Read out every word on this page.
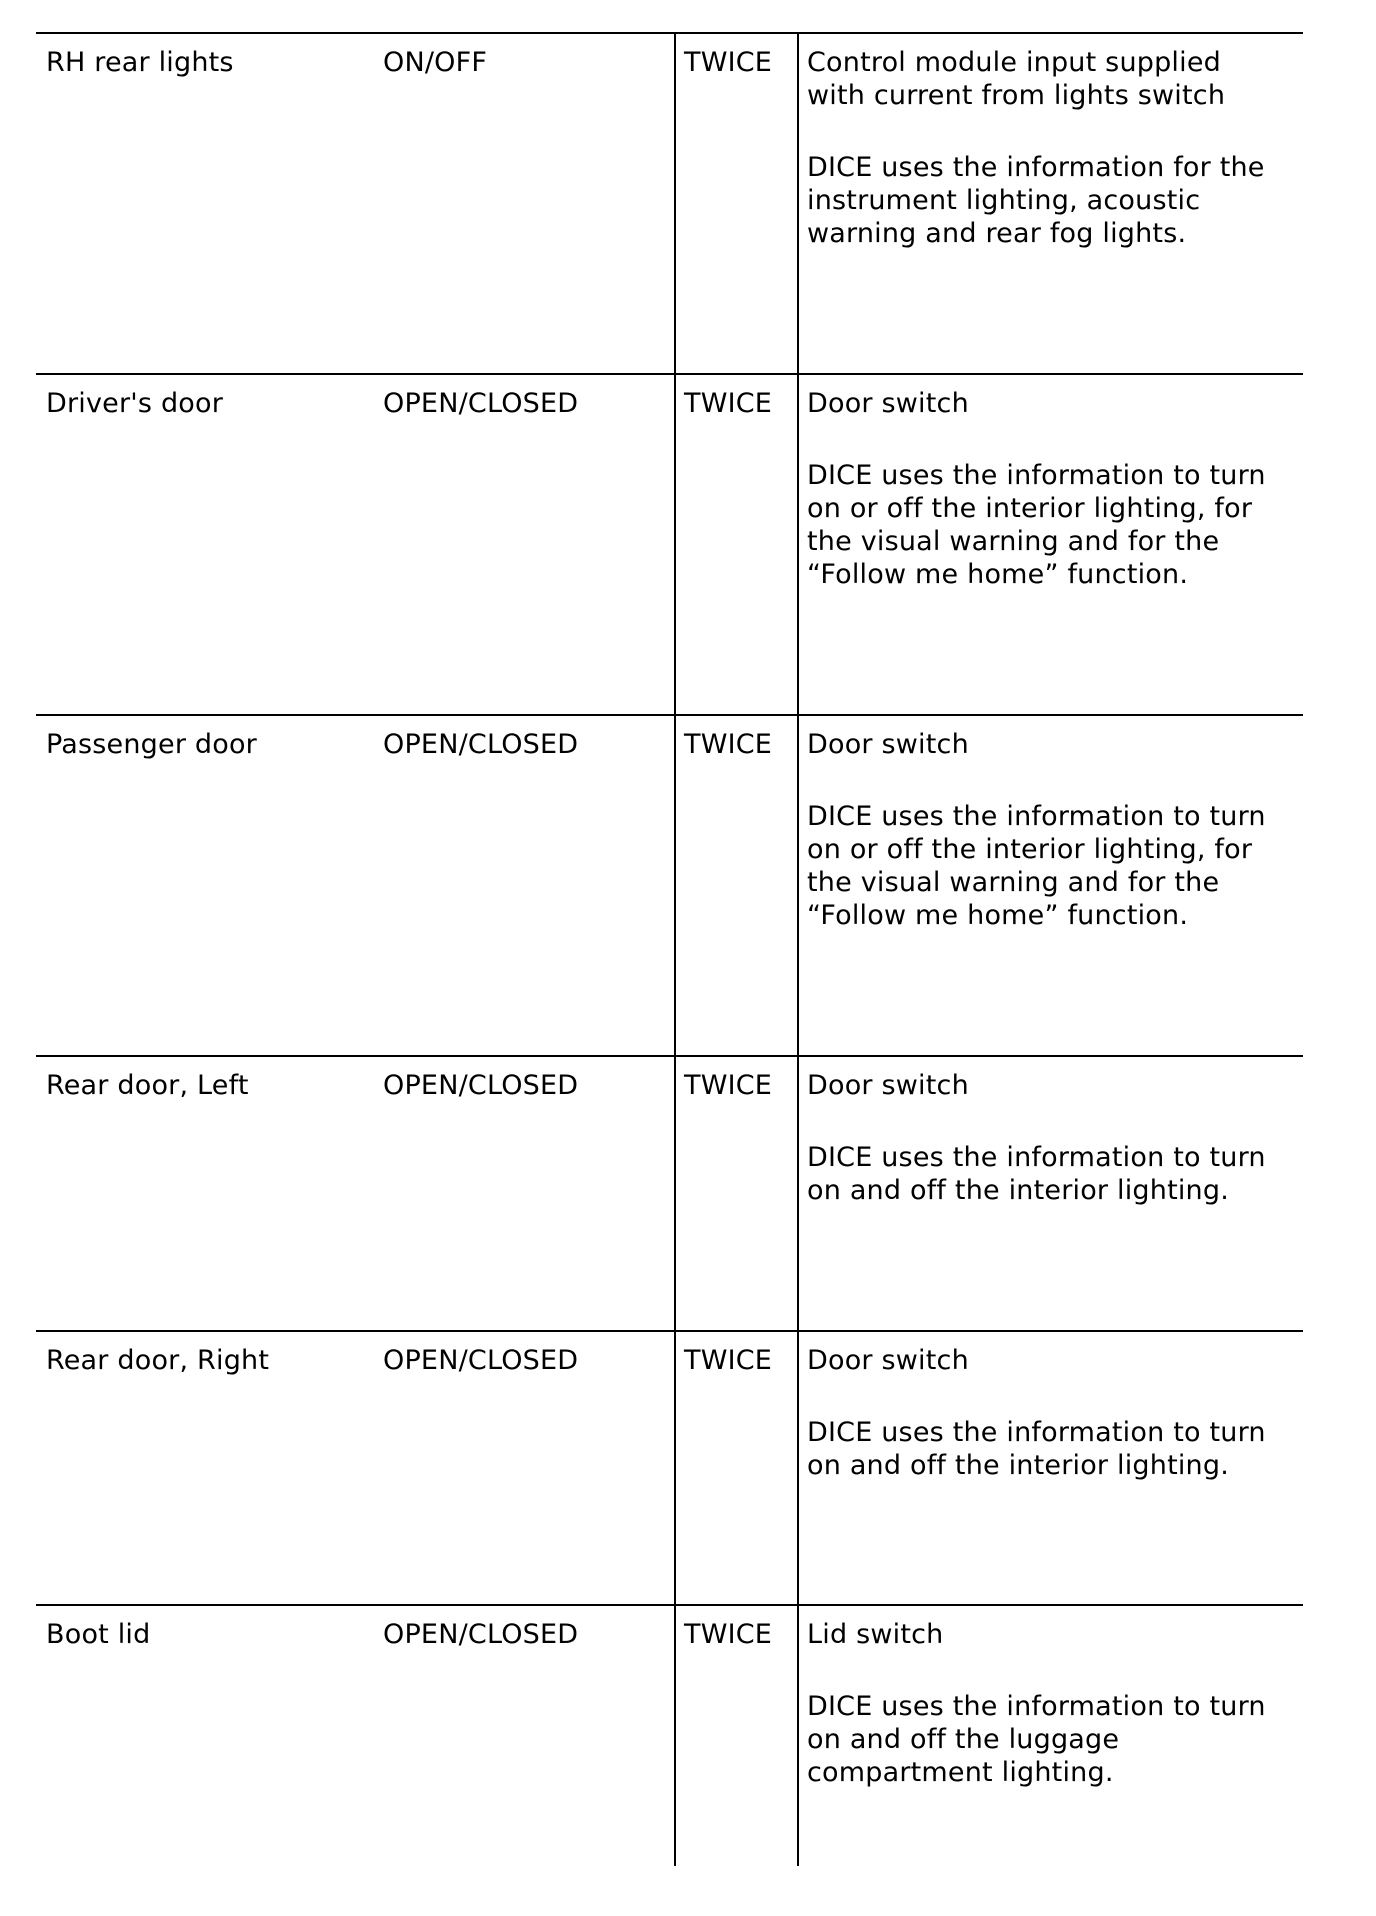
RH rear lights	ON/OFF	TWICE Control module input supplied
with current from lights switch
DICE uses the information for the
instrument lighting, acoustic
warning and rear fog lights.
Driver's door	OPEN/CLOSED	TWICE Door switch
DICE uses the information to turn
on or off the interior lighting, for
the visual warning and for the
“Follow me home” function.
Passenger door	OPEN/CLOSED	TWICE Door switch
DICE uses the information to turn
on or off the interior lighting, for
the visual warning and for the
“Follow me home” function.
Rear door, Left	OPEN/CLOSED	TWICE Door switch
DICE uses the information to turn
on and off the interior lighting.
Rear door, Right	OPEN/CLOSED	TWICE Door switch
DICE uses the information to turn
on and off the interior lighting.
Boot lid	OPEN/CLOSED	TWICE Lid switch
DICE uses the information to turn
on and off the luggage
compartment lighting.
